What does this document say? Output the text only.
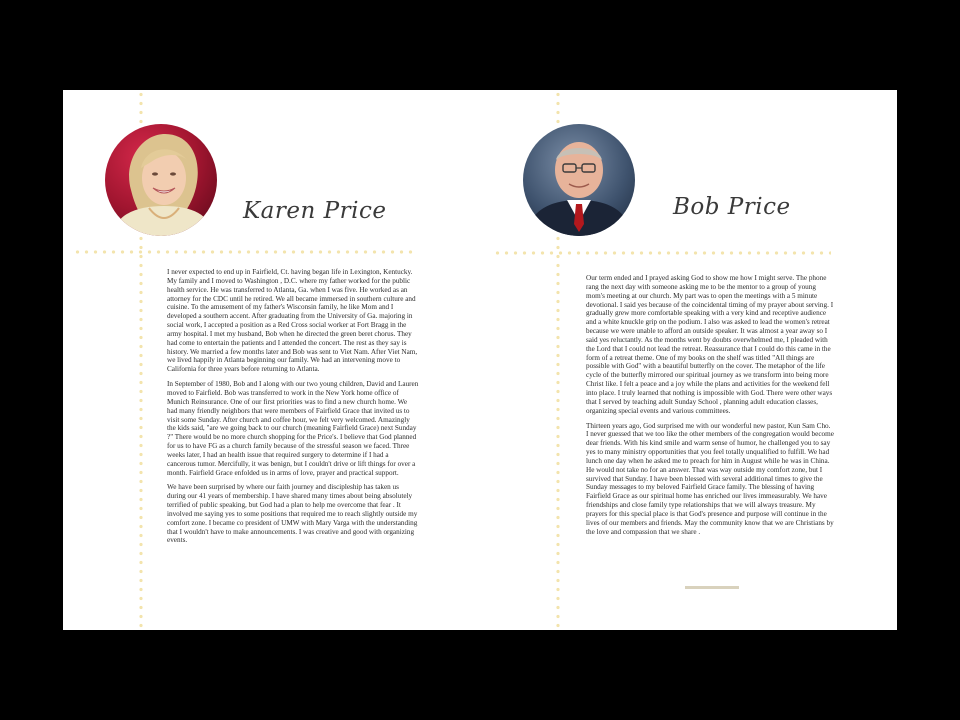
Karen Price

I never expected to end up in Fairfield, Ct. having began life in Lexington, Kentucky. My family and I moved to Washington , D.C. where my father worked for the public health service. He was transferred to Atlanta, Ga. when I was five. He worked as an attorney for the CDC until he retired. We all became immersed in southern culture and cuisine. To the amusement of my father's Wisconsin family, he like Mom and I developed a southern accent. After graduating from the University of Ga. majoring in social work, I accepted a position as a Red Cross social worker at Fort Bragg in the army hospital. I met my husband, Bob when he directed the green beret chorus. They had come to entertain the patients and I attended the concert. The rest as they say is history. We married a few months later and Bob was sent to Viet Nam. After Viet Nam, we lived happily in Atlanta beginning our family. We had an intervening move to California for three years before returning to Atlanta.

In September of 1980, Bob and I along with our two young children, David and Lauren moved to Fairfield. Bob was transferred to work in the New York home office of Munich Reinsurance. One of our first priorities was to find a new church home. We had many friendly neighbors that were members of Fairfield Grace that invited us to visit some Sunday. After church and coffee hour, we felt very welcomed. Amazingly the kids said, "are we going back to our church (meaning Fairfield Grace) next Sunday ?" There would be no more church shopping for the Price's. I believe that God planned for us to have FG as a church family because of the stressful season we faced. Three weeks later, I had an health issue that required surgery to determine if I had a cancerous tumor. Mercifully, it was benign, but I couldn't drive or lift things for over a month. Fairfield Grace enfolded us in arms of love, prayer and practical support.

We have been surprised by where our faith journey and discipleship has taken us during our 41 years of membership. I have shared many times about being absolutely terrified of public speaking, but God had a plan to help me overcome that fear . It involved me saying yes to some positions that required me to reach slightly outside my comfort zone. I became co president of UMW with Mary Varga with the understanding that I wouldn't have to make announcements. I was creative and good with organizing events.

Bob Price

Our term ended and I prayed asking God to show me how I might serve. The phone rang the next day with someone asking me to be the mentor to a group of young mom's meeting at our church. My part was to open the meetings with a 5 minute devotional. I said yes because of the coincidental timing of my prayer about serving. I gradually grew more comfortable speaking with a very kind and receptive audience and a white knuckle grip on the podium. I also was asked to lead the women's retreat because we were unable to afford an outside speaker. It was almost a year away so I said yes reluctantly. As the months went by doubts overwhelmed me, I pleaded with the Lord that I could not lead the retreat. Reassurance that I could do this came in the form of a retreat theme. One of my books on the shelf was titled "All things are possible with God" with a beautiful butterfly on the cover. The metaphor of the life cycle of the butterfly mirrored our spiritual journey as we transform into being more Christ like. I felt a peace and a joy while the plans and activities for the weekend fell into place. I truly learned that nothing is impossible with God. There were other ways that I served by teaching adult Sunday School , planning adult education classes, organizing special events and various committees.

Thirteen years ago, God surprised me with our wonderful new pastor, Kun Sam Cho. I never guessed that we too like the other members of the congregation would become dear friends. With his kind smile and warm sense of humor, he challenged you to say yes to many ministry opportunities that you feel totally unqualified to fulfill. We had lunch one day when he asked me to preach for him in August while he was in China. He would not take no for an answer. That was way outside my comfort zone, but I survived that Sunday. I have been blessed with several additional times to give the Sunday messages to my beloved Fairfield Grace family. The blessing of having Fairfield Grace as our spiritual home has enriched our lives immeasurably. We have friendships and close family type relationships that we will always treasure. My prayers for this special place is that God's presence and purpose will continue in the lives of our members and friends. May the community know that we are Christians by the love and compassion that we share .
